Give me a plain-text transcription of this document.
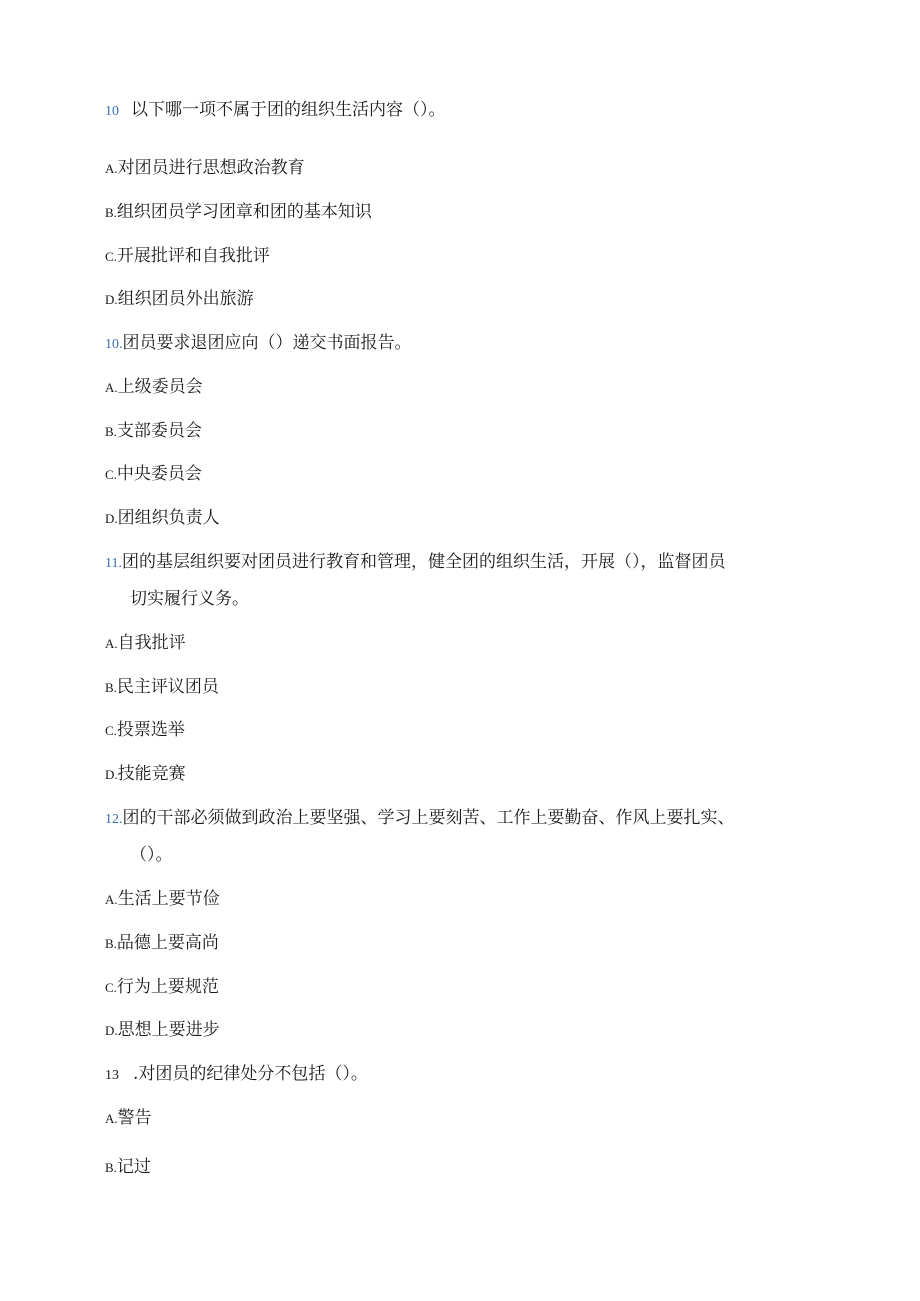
10 以下哪一项不属于团的组织生活内容（）。
A.对团员进行思想政治教育
B.组织团员学习团章和团的基本知识
C.开展批评和自我批评
D.组织团员外出旅游
10.团员要求退团应向（）递交书面报告。
A.上级委员会
B.支部委员会
C.中央委员会
D.团组织负责人
11.团的基层组织要对团员进行教育和管理，健全团的组织生活，开展（），监督团员
切实履行义务。
A.自我批评
B.民主评议团员
C.投票选举
D.技能竞赛
12.团的干部必须做到政治上要坚强、学习上要刻苦、工作上要勤奋、作风上要扎实、
（）。
A.生活上要节俭
B.品德上要高尚
C.行为上要规范
D.思想上要进步
13 .对团员的纪律处分不包括（）。
A.警告
B.记过
